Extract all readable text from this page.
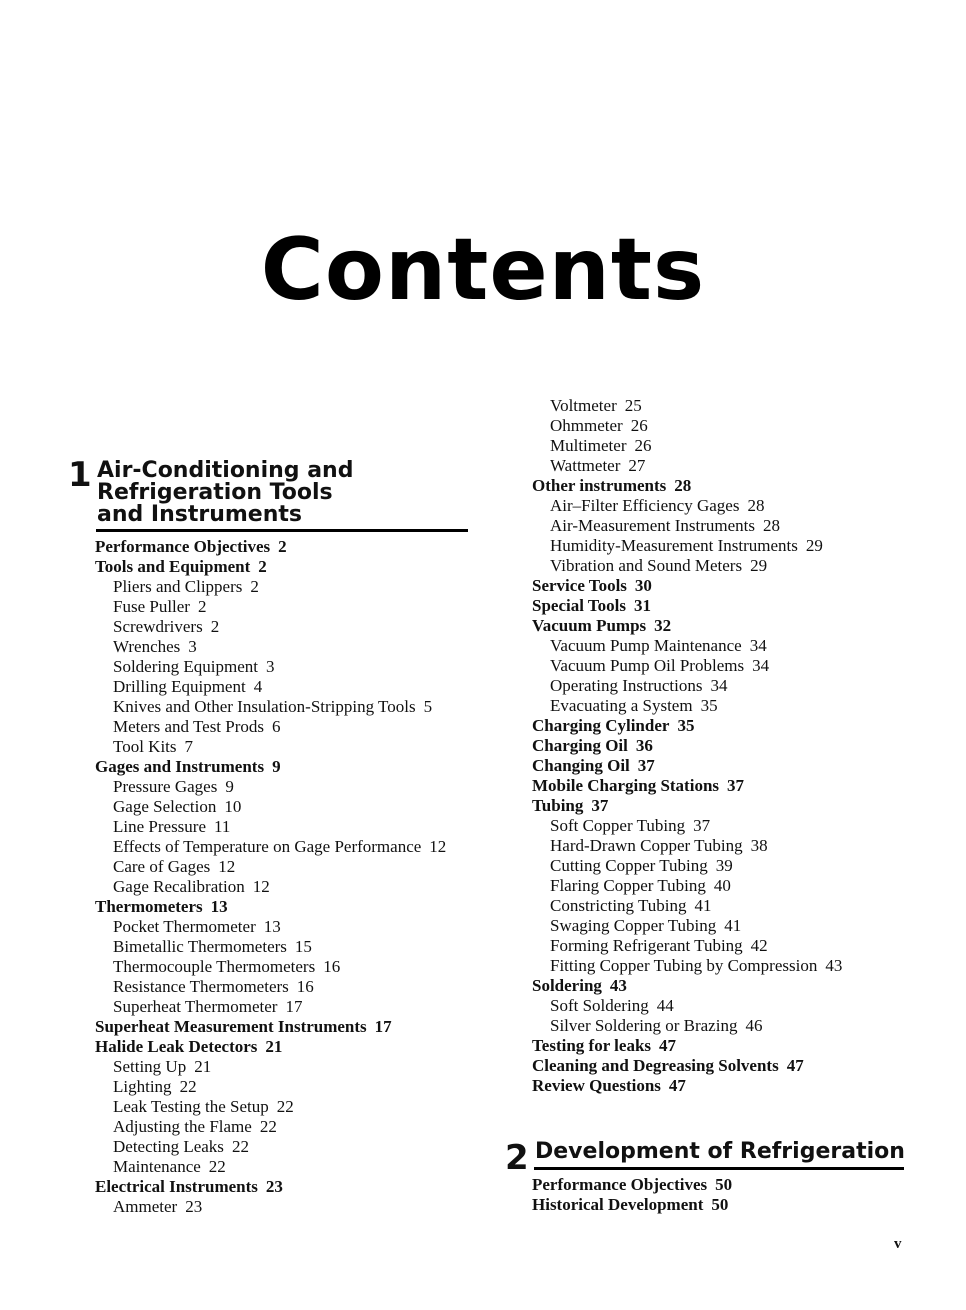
Contents
1 Air-Conditioning and
Refrigeration Tools
and Instruments
Performance Objectives 2
Tools and Equipment 2
Pliers and Clippers 2
Fuse Puller 2
Screwdrivers 2
Wrenches 3
Soldering Equipment 3
Drilling Equipment 4
Knives and Other Insulation-Stripping Tools 5
Meters and Test Prods 6
Tool Kits 7
Gages and Instruments 9
Pressure Gages 9
Gage Selection 10
Line Pressure 11
Effects of Temperature on Gage Performance 12
Care of Gages 12
Gage Recalibration 12
Thermometers 13
Pocket Thermometer 13
Bimetallic Thermometers 15
Thermocouple Thermometers 16
Resistance Thermometers 16
Superheat Thermometer 17
Superheat Measurement Instruments 17
Halide Leak Detectors 21
Setting Up 21
Lighting 22
Leak Testing the Setup 22
Adjusting the Flame 22
Detecting Leaks 22
Maintenance 22
Electrical Instruments 23
Ammeter 23
Voltmeter 25
Ohmmeter 26
Multimeter 26
Wattmeter 27
Other instruments 28
Air–Filter Efficiency Gages 28
Air-Measurement Instruments 28
Humidity-Measurement Instruments 29
Vibration and Sound Meters 29
Service Tools 30
Special Tools 31
Vacuum Pumps 32
Vacuum Pump Maintenance 34
Vacuum Pump Oil Problems 34
Operating Instructions 34
Evacuating a System 35
Charging Cylinder 35
Charging Oil 36
Changing Oil 37
Mobile Charging Stations 37
Tubing 37
Soft Copper Tubing 37
Hard-Drawn Copper Tubing 38
Cutting Copper Tubing 39
Flaring Copper Tubing 40
Constricting Tubing 41
Swaging Copper Tubing 41
Forming Refrigerant Tubing 42
Fitting Copper Tubing by Compression 43
Soldering 43
Soft Soldering 44
Silver Soldering or Brazing 46
Testing for leaks 47
Cleaning and Degreasing Solvents 47
Review Questions 47
2 Development of Refrigeration
Performance Objectives 50
Historical Development 50
v
